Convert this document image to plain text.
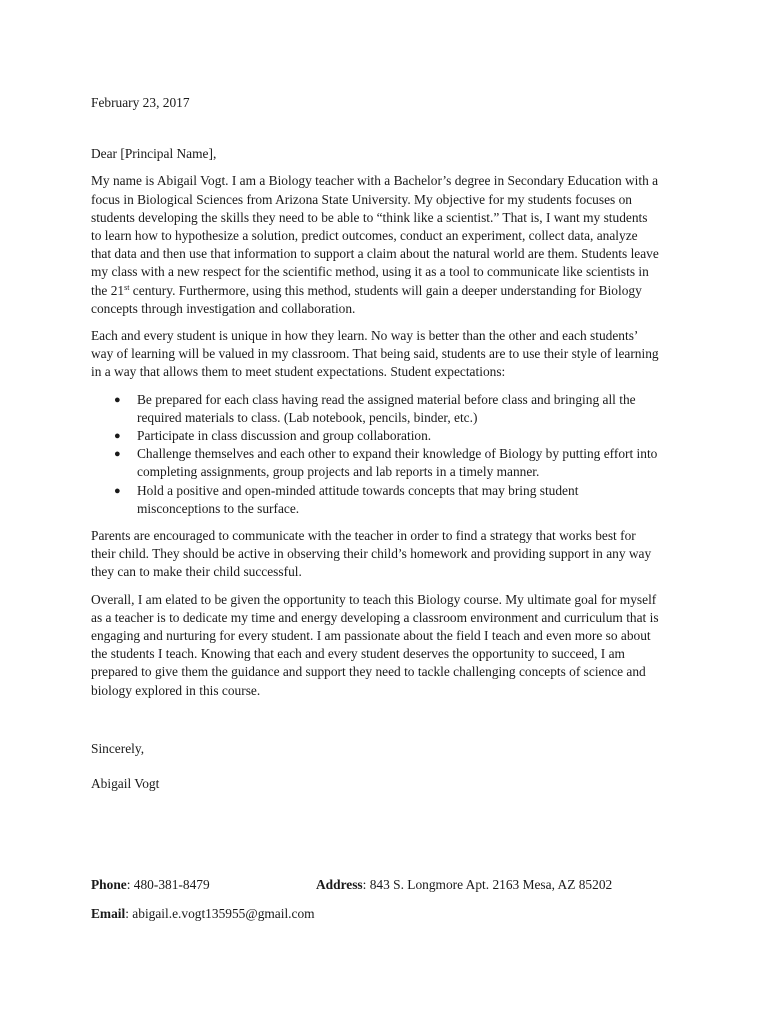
February 23, 2017

Dear [Principal Name],

My name is Abigail Vogt. I am a Biology teacher with a Bachelor’s degree in Secondary Education with a focus in Biological Sciences from Arizona State University. My objective for my students focuses on students developing the skills they need to be able to “think like a scientist.” That is, I want my students to learn how to hypothesize a solution, predict outcomes, conduct an experiment, collect data, analyze that data and then use that information to support a claim about the natural world are them. Students leave my class with a new respect for the scientific method, using it as a tool to communicate like scientists in the 21st century. Furthermore, using this method, students will gain a deeper understanding for Biology concepts through investigation and collaboration.

Each and every student is unique in how they learn. No way is better than the other and each students’ way of learning will be valued in my classroom. That being said, students are to use their style of learning in a way that allows them to meet student expectations. Student expectations:

● Be prepared for each class having read the assigned material before class and bringing all the required materials to class. (Lab notebook, pencils, binder, etc.)
● Participate in class discussion and group collaboration.
● Challenge themselves and each other to expand their knowledge of Biology by putting effort into completing assignments, group projects and lab reports in a timely manner.
● Hold a positive and open-minded attitude towards concepts that may bring student misconceptions to the surface.

Parents are encouraged to communicate with the teacher in order to find a strategy that works best for their child. They should be active in observing their child’s homework and providing support in any way they can to make their child successful.

Overall, I am elated to be given the opportunity to teach this Biology course. My ultimate goal for myself as a teacher is to dedicate my time and energy developing a classroom environment and curriculum that is engaging and nurturing for every student. I am passionate about the field I teach and even more so about the students I teach. Knowing that each and every student deserves the opportunity to succeed, I am prepared to give them the guidance and support they need to tackle challenging concepts of science and biology explored in this course.

Sincerely,

Abigail Vogt

Phone: 480-381-8479	Address: 843 S. Longmore Apt. 2163 Mesa, AZ 85202
Email: abigail.e.vogt135955@gmail.com
